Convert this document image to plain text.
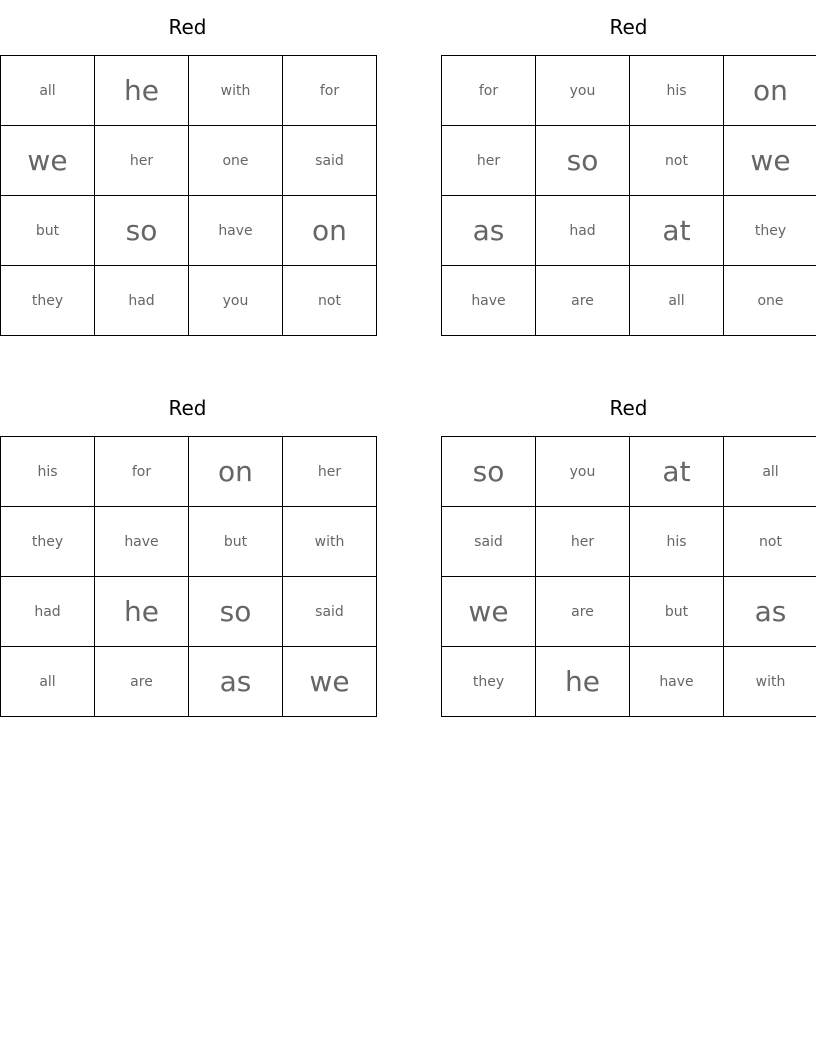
Red
all	he	with	for
we	her	one	said
but	so	have	on
they	had	you	not
Red
for	you	his	on
her	so	not	we
as	had	at	they
have	are	all	one
Red
his	for	on	her
they	have	but	with
had	he	so	said
all	are	as	we
Red
so	you	at	all
said	her	his	not
we	are	but	as
they	he	have	with
